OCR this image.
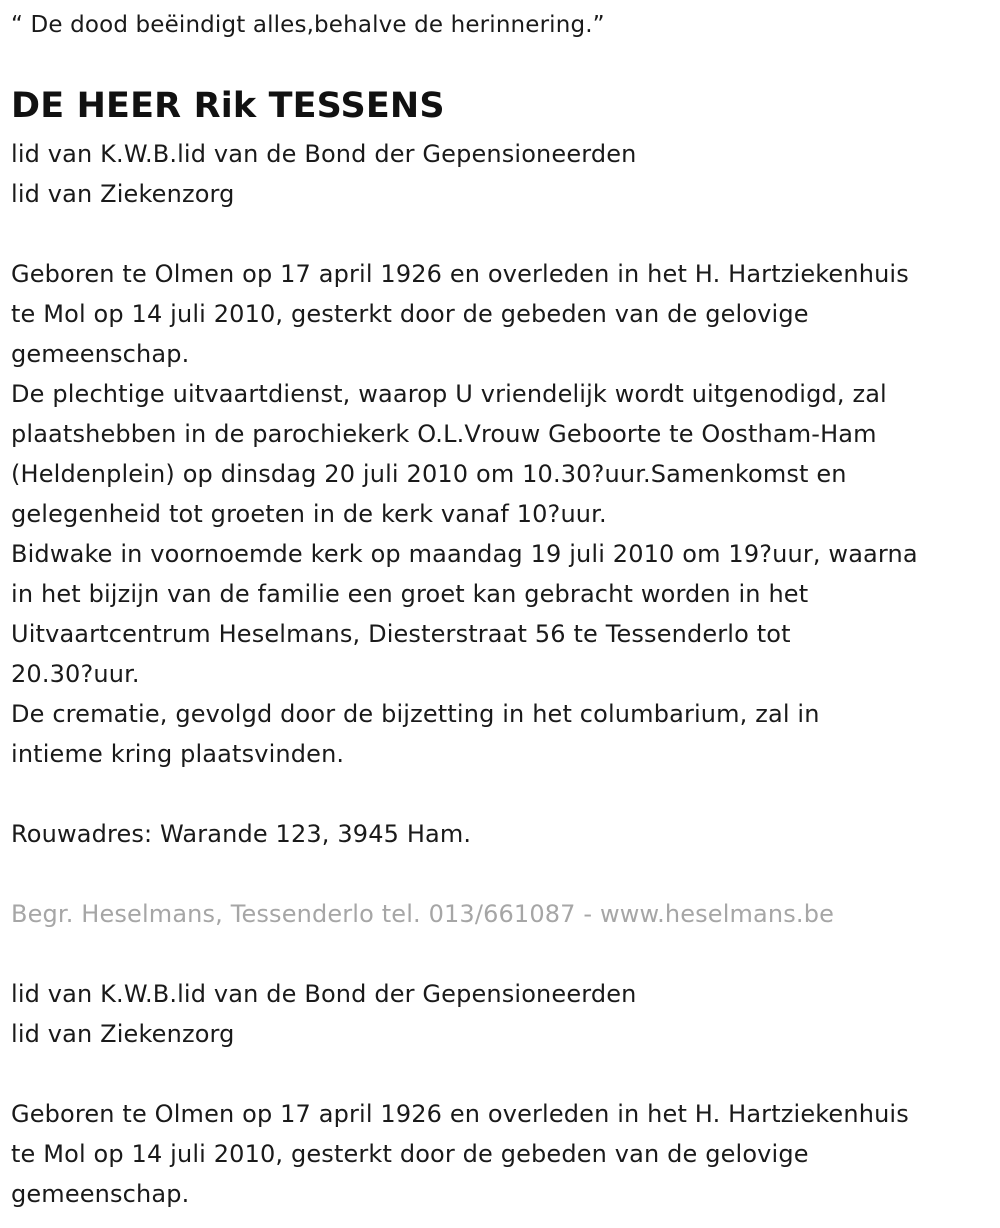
“ De dood beëindigt alles,behalve de herinnering.”
DE HEER Rik TESSENS
lid van K.W.B.lid van de Bond der Gepensioneerden
lid van Ziekenzorg
Geboren te Olmen op 17 april 1926 en overleden in het H. Hartziekenhuis
te Mol op 14 juli 2010, gesterkt door de gebeden van de gelovige
gemeenschap.
De plechtige uitvaartdienst, waarop U vriendelijk wordt uitgenodigd, zal
plaatshebben in de parochiekerk O.L.Vrouw Geboorte te Oostham-Ham
(Heldenplein) op dinsdag 20 juli 2010 om 10.30?uur.Samenkomst en
gelegenheid tot groeten in de kerk vanaf 10?uur.
Bidwake in voornoemde kerk op maandag 19 juli 2010 om 19?uur, waarna
in het bijzijn van de familie een groet kan gebracht worden in het
Uitvaartcentrum Heselmans, Diesterstraat 56 te Tessenderlo tot
20.30?uur.
De crematie, gevolgd door de bijzetting in het columbarium, zal in
intieme kring plaatsvinden.
Rouwadres: Warande 123, 3945 Ham.
Begr. Heselmans, Tessenderlo tel. 013/661087 - www.heselmans.be
lid van K.W.B.lid van de Bond der Gepensioneerden
lid van Ziekenzorg
Geboren te Olmen op 17 april 1926 en overleden in het H. Hartziekenhuis
te Mol op 14 juli 2010, gesterkt door de gebeden van de gelovige
gemeenschap.
